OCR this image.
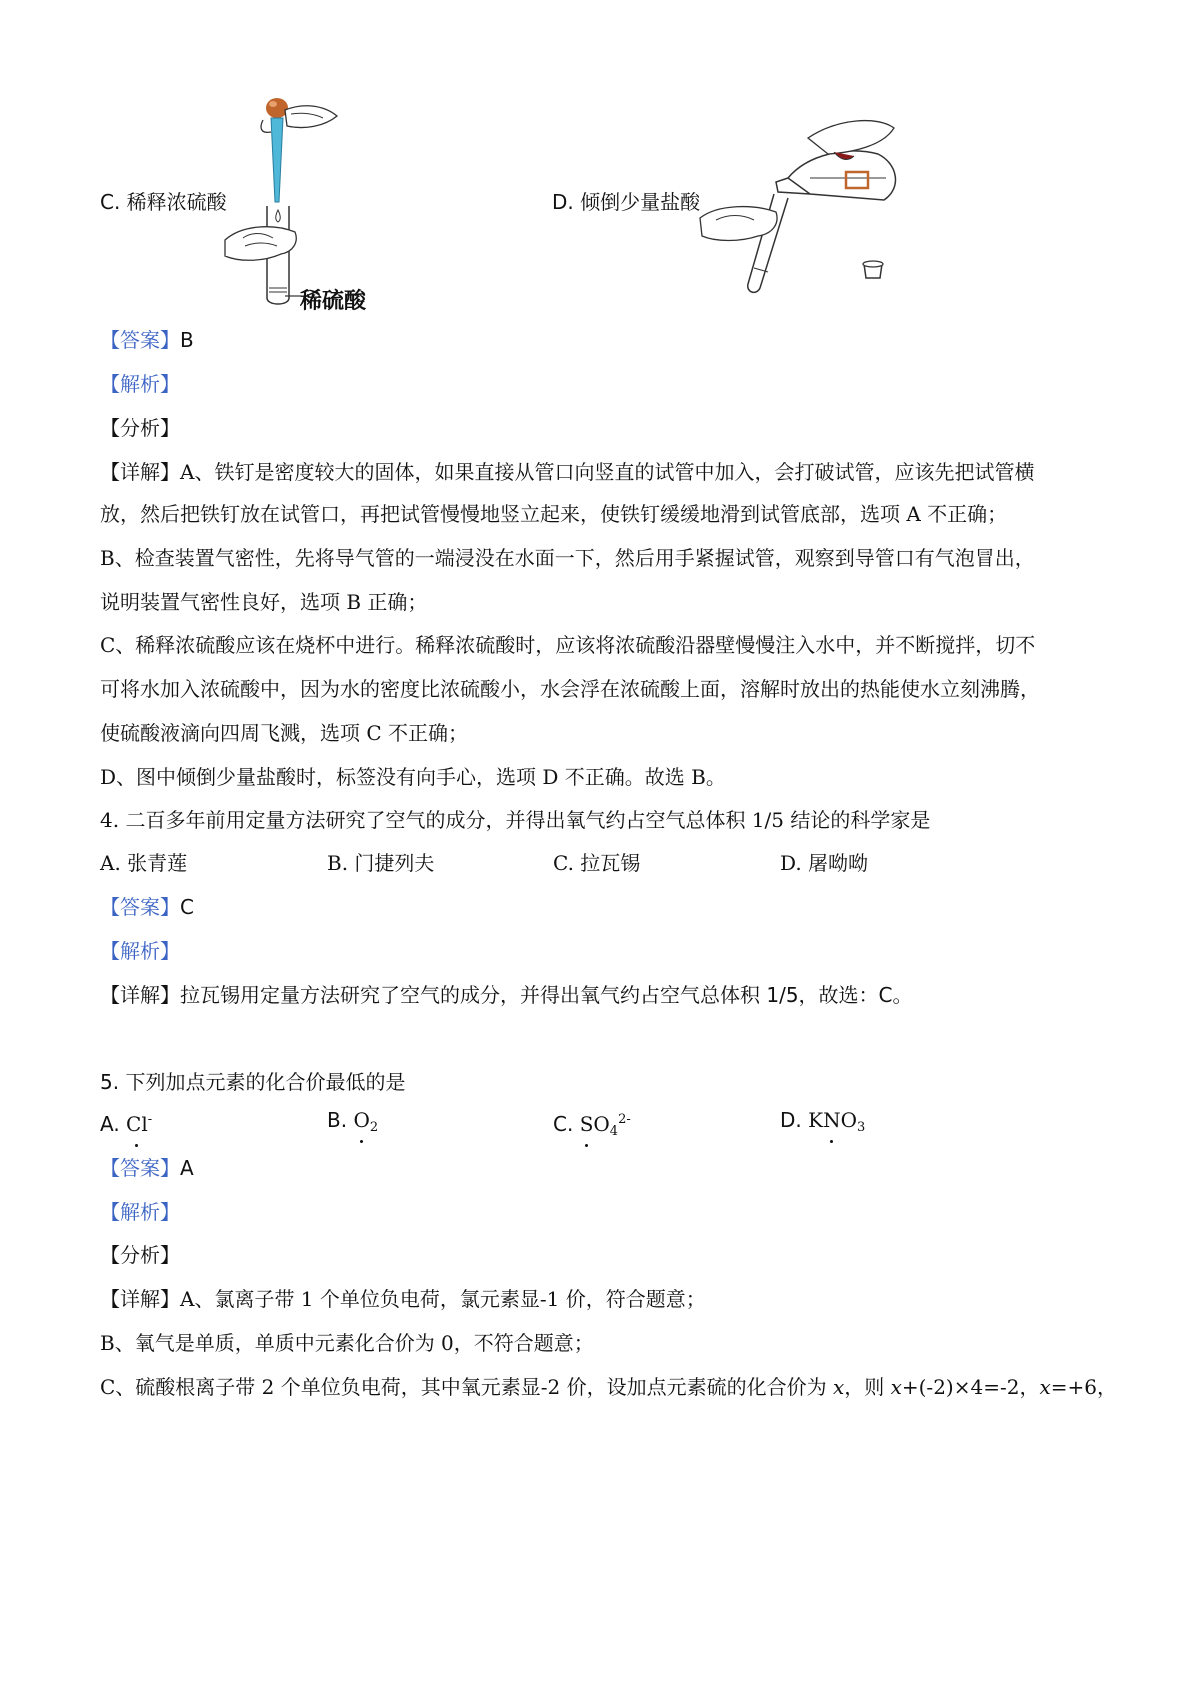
C. 稀释浓硫酸
稀硫酸
D. 倾倒少量盐酸
【答案】B
【解析】
【分析】
【详解】A、铁钉是密度较大的固体，如果直接从管口向竖直的试管中加入，会打破试管，应该先把试管横
放，然后把铁钉放在试管口，再把试管慢慢地竖立起来，使铁钉缓缓地滑到试管底部，选项 A 不正确；
B、检查装置气密性，先将导气管的一端浸没在水面一下，然后用手紧握试管，观察到导管口有气泡冒出，
说明装置气密性良好，选项 B 正确；
C、稀释浓硫酸应该在烧杯中进行。稀释浓硫酸时，应该将浓硫酸沿器壁慢慢注入水中，并不断搅拌，切不
可将水加入浓硫酸中，因为水的密度比浓硫酸小，水会浮在浓硫酸上面，溶解时放出的热能使水立刻沸腾，
使硫酸液滴向四周飞溅，选项 C 不正确；
D、图中倾倒少量盐酸时，标签没有向手心，选项 D 不正确。故选 B。
4. 二百多年前用定量方法研究了空气的成分，并得出氧气约占空气总体积 1/5 结论的科学家是
A. 张青莲	B. 门捷列夫	C. 拉瓦锡	D. 屠呦呦
【答案】C
【解析】
【详解】拉瓦锡用定量方法研究了空气的成分，并得出氧气约占空气总体积 1/5，故选：C。
5. 下列加点元素的化合价最低的是
A. Cl-	B. $O_2$	C. $SO_4^{2-}$	D. $KNO_3$
【答案】A
【解析】
【分析】
【详解】A、氯离子带 1 个单位负电荷，氯元素显-1 价，符合题意；
B、氧气是单质，单质中元素化合价为 0，不符合题意；
C、硫酸根离子带 2 个单位负电荷，其中氧元素显-2 价，设加点元素硫的化合价为 x，则 x+(-2)×4=-2，x=+6，
